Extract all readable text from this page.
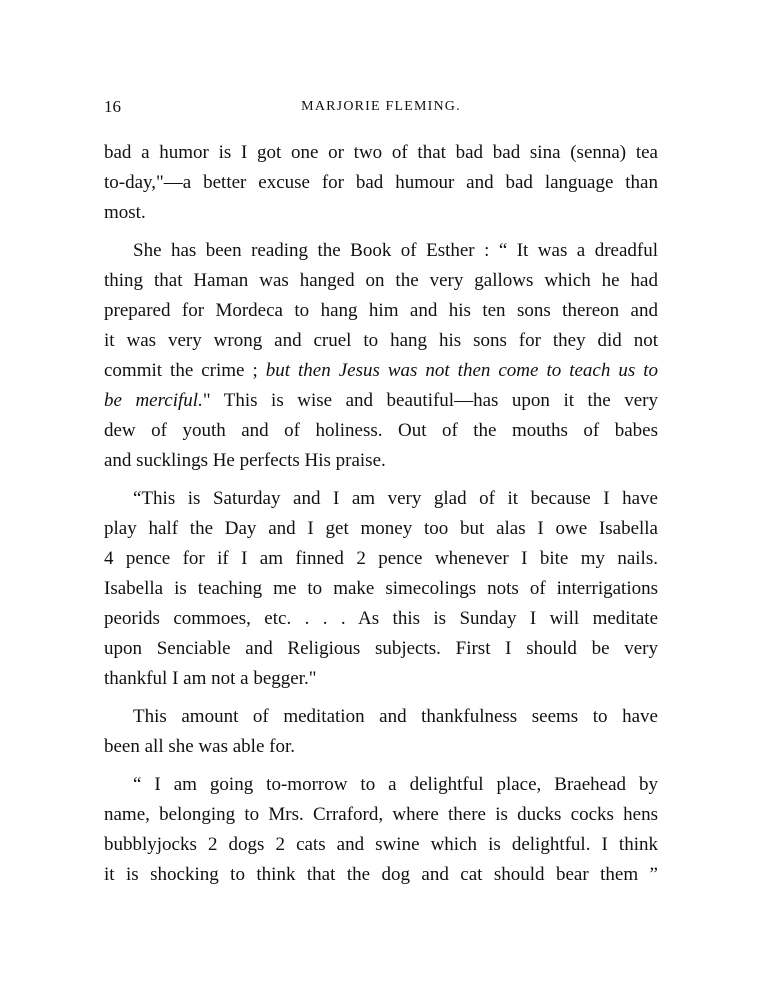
16	MARJORIE FLEMING.
bad a humor is I got one or two of that bad bad sina (senna) tea
to-day,"—a better excuse for bad humour and bad language than
most.
She has been reading the Book of Esther : “ It was a dreadful
thing that Haman was hanged on the very gallows which he had
prepared for Mordeca to hang him and his ten sons thereon and
it was very wrong and cruel to hang his sons for they did not
commit the crime ; but then Jesus was not then come to teach us to
be merciful." This is wise and beautiful—has upon it the very
dew of youth and of holiness. Out of the mouths of babes
and sucklings He perfects His praise.
“This is Saturday and I am very glad of it because I have
play half the Day and I get money too but alas I owe Isabella
4 pence for if I am finned 2 pence whenever I bite my nails.
Isabella is teaching me to make simecolings nots of interrigations
peorids commoes, etc. . . . As this is Sunday I will meditate
upon Senciable and Religious subjects. First I should be very
thankful I am not a begger."
This amount of meditation and thankfulness seems to have
been all she was able for.
“ I am going to-morrow to a delightful place, Braehead by
name, belonging to Mrs. Crraford, where there is ducks cocks hens
bubblyjocks 2 dogs 2 cats and swine which is delightful. I think
it is shocking to think that the dog and cat should bear them ”
